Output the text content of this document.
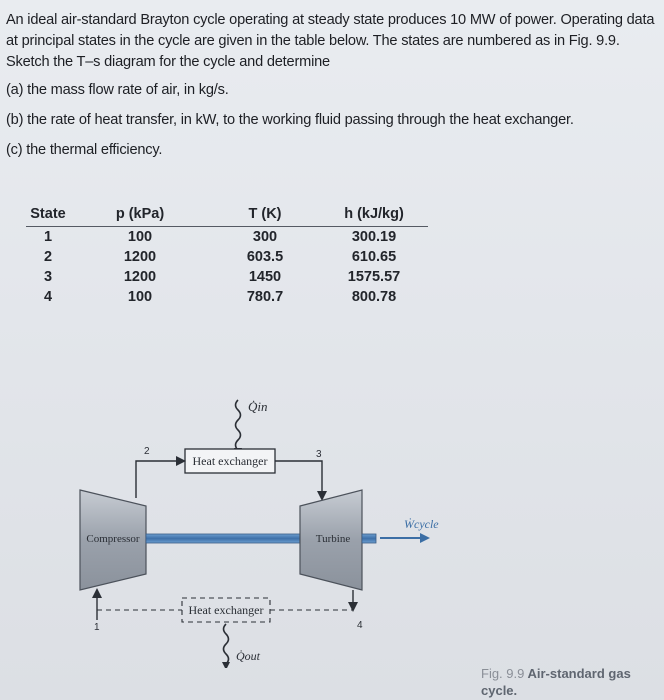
An ideal air-standard Brayton cycle operating at steady state produces 10 MW of power. Operating data at principal states in the cycle are given in the table below. The states are numbered as in Fig. 9.9. Sketch the T–s diagram for the cycle and determine

(a) the mass flow rate of air, in kg/s.

(b) the rate of heat transfer, in kW, to the working fluid passing through the heat exchanger.

(c) the thermal efficiency.

State	p (kPa)	T (K)	h (kJ/kg)
1	100	300	300.19
2	1200	603.5	610.65
3	1200	1450	1575.57
4	100	780.7	800.78
Q̇in
Heat exchanger
2	3
Compressor	Turbine
Ẇcycle
1	4
Heat exchanger
Q̇out
Fig. 9.9 Air-standard gas cycle.
